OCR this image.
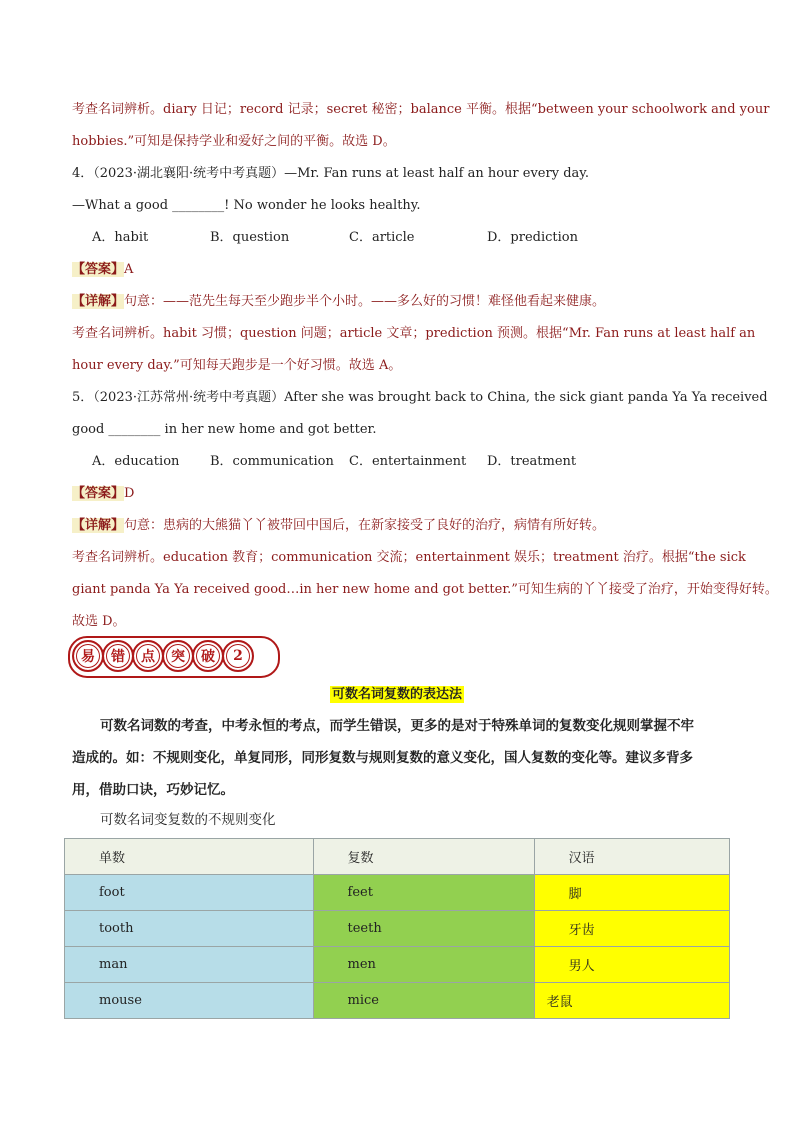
考查名词辨析。diary 日记；record 记录；secret 秘密；balance 平衡。根据“between your schoolwork and your
hobbies.”可知是保持学业和爱好之间的平衡。故选 D。
4．（2023·湖北襄阳·统考中考真题）—Mr. Fan runs at least half an hour every day.
—What a good ________! No wonder he looks healthy.
A．habit	B．question	C．article	D．prediction
【答案】A
【详解】句意：——范先生每天至少跑步半个小时。——多么好的习惯！难怪他看起来健康。
考查名词辨析。habit 习惯；question 问题；article 文章；prediction 预测。根据“Mr. Fan runs at least half an
hour every day.”可知每天跑步是一个好习惯。故选 A。
5．（2023·江苏常州·统考中考真题）After she was brought back to China, the sick giant panda Ya Ya received
good ________ in her new home and got better.
A．education B．communication C．entertainment D．treatment
【答案】D
【详解】句意：患病的大熊猫丫丫被带回中国后，在新家接受了良好的治疗，病情有所好转。
考查名词辨析。education 教育；communication 交流；entertainment 娱乐；treatment 治疗。根据“the sick
giant panda Ya Ya received good…in her new home and got better.”可知生病的丫丫接受了治疗，开始变得好转。
故选 D。
易	错	点	突	破	2
可数名词复数的表达法
可数名词数的考查，中考永恒的考点，而学生错误，更多的是对于特殊单词的复数变化规则掌握不牢
造成的。如：不规则变化，单复同形，同形复数与规则复数的意义变化，国人复数的变化等。建议多背多
用，借助口诀，巧妙记忆。
可数名词变复数的不规则变化
单数	复数	汉语
foot	feet	脚
tooth	teeth	牙齿
man	men	男人
mouse	mice	老鼠
